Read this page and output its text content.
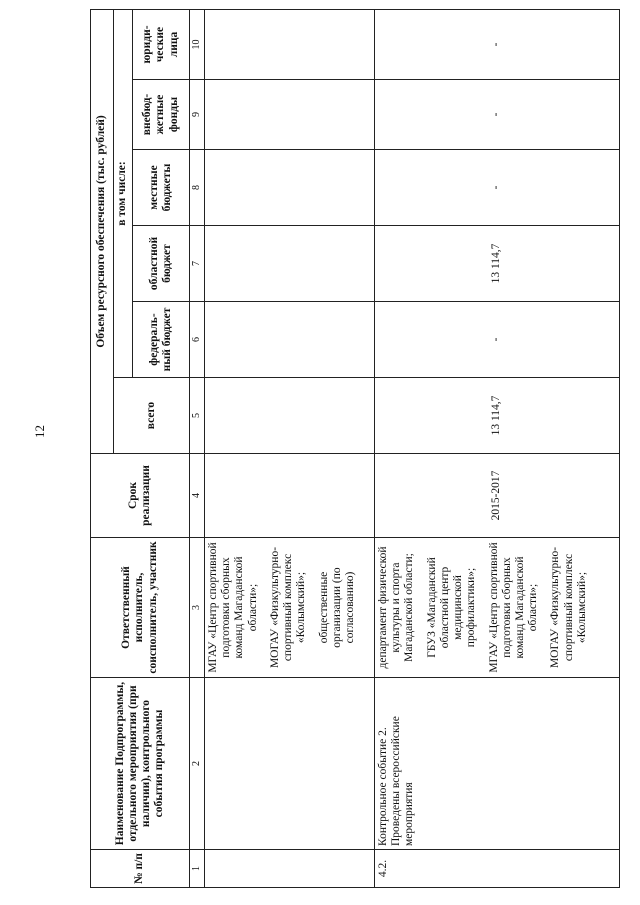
12
№ п/п	Наименование Подпрограммы, отдельного мероприятия (при наличии), контрольного события программы	Ответственный исполнитель, соисполнитель, участник	Срок реализации	Объем ресурсного обеспечения (тыс. рублей)					
				всего	в том числе:				
					федераль-ный бюджет	областной бюджет	местные бюджеты	внебюд-жетные фонды	юриди-ческие лица
1	2	3	4	5	6	7	8	9	10

		МГАУ «Центр спортивной подготовки сборных команд Магаданской области»; МОГАУ «Физкультурно-спортивный комплекс «Колымский»; общественные организации (по согласованию)							

4.2.	Контрольное событие 2. Проведены всероссийские мероприятия	департамент физической культуры и спорта Магаданской области; ГБУЗ «Магаданский областной центр медицинской профилактики»; МГАУ «Центр спортивной подготовки сборных команд Магаданской области»; МОГАУ «Физкультурно-спортивный комплекс «Колымский»;	2015-2017	13 114,7	-	13 114,7	-	-	-
